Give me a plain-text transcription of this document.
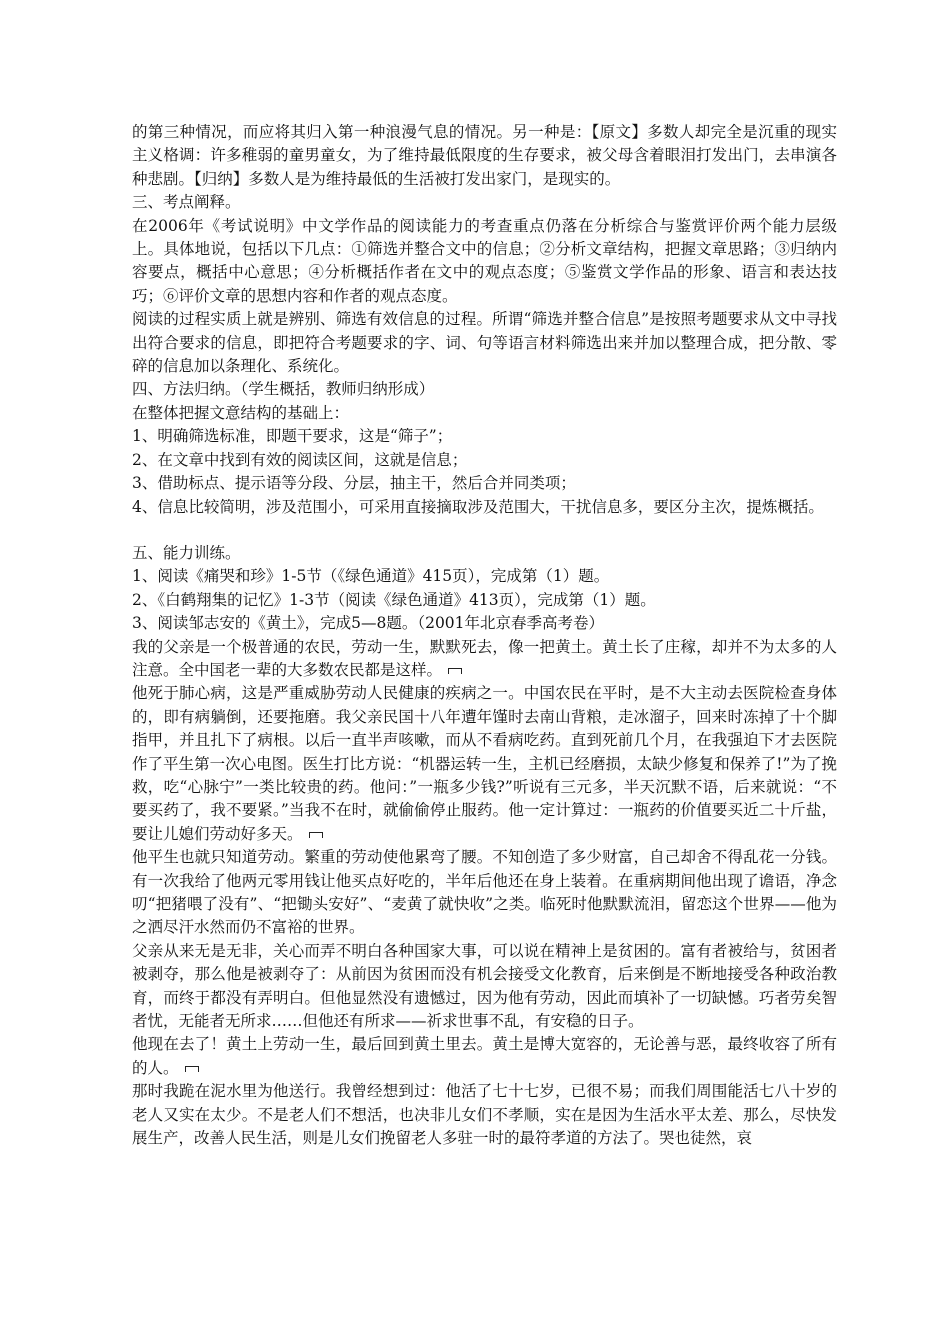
的第三种情况，而应将其归入第一种浪漫气息的情况。另一种是：【原文】多数人却完全是沉重的现实主义格调：许多稚弱的童男童女，为了维持最低限度的生存要求，被父母含着眼泪打发出门，去串演各种悲剧。【归纳】多数人是为维持最低的生活被打发出家门，是现实的。

三、考点阐释。

在2006年《考试说明》中文学作品的阅读能力的考查重点仍落在分析综合与鉴赏评价两个能力层级上。具体地说，包括以下几点：①筛选并整合文中的信息；②分析文章结构，把握文章思路；③归纳内容要点，概括中心意思；④分析概括作者在文中的观点态度；⑤鉴赏文学作品的形象、语言和表达技巧；⑥评价文章的思想内容和作者的观点态度。

阅读的过程实质上就是辨别、筛选有效信息的过程。所谓“筛选并整合信息”是按照考题要求从文中寻找出符合要求的信息，即把符合考题要求的字、词、句等语言材料筛选出来并加以整理合成，把分散、零碎的信息加以条理化、系统化。

四、方法归纳。（学生概括，教师归纳形成）

在整体把握文意结构的基础上：

1、明确筛选标准，即题干要求，这是“筛子”；

2、在文章中找到有效的阅读区间，这就是信息；

3、借助标点、提示语等分段、分层，抽主干，然后合并同类项；

4、信息比较简明，涉及范围小，可采用直接摘取涉及范围大，干扰信息多，要区分主次，提炼概括。

五、能力训练。

1、阅读《痛哭和珍》1-5节（《绿色通道》415页），完成第（1）题。

2、《白鹤翔集的记忆》1-3节（阅读《绿色通道》413页），完成第（1）题。

3、阅读邹志安的《黄土》，完成5—8题。（2001年北京春季高考卷）

我的父亲是一个极普通的农民，劳动一生，默默死去，像一把黄土。黄土长了庄稼，却并不为太多的人注意。全中国老一辈的大多数农民都是这样。

他死于肺心病，这是严重威胁劳动人民健康的疾病之一。中国农民在平时，是不大主动去医院检查身体的，即有病躺倒，还要拖磨。我父亲民国十八年遭年馑时去南山背粮，走冰溜子，回来时冻掉了十个脚指甲，并且扎下了病根。以后一直半声咳嗽，而从不看病吃药。直到死前几个月，在我强迫下才去医院作了平生第一次心电图。医生打比方说：“机器运转一生，主机已经磨损，太缺少修复和保养了!”为了挽救，吃“心脉宁”一类比较贵的药。他问：”一瓶多少钱?”听说有三元多，半天沉默不语，后来就说：“不要买药了，我不要紧。”当我不在时，就偷偷停止服药。他一定计算过：一瓶药的价值要买近二十斤盐，要让儿媳们劳动好多天。

他平生也就只知道劳动。繁重的劳动使他累弯了腰。不知创造了多少财富，自己却舍不得乱花一分钱。有一次我给了他两元零用钱让他买点好吃的，半年后他还在身上装着。在重病期间他出现了谵语，净念叨“把猪喂了没有”、“把锄头安好”、“麦黄了就快收”之类。临死时他默默流泪，留恋这个世界——他为之洒尽汗水然而仍不富裕的世界。

父亲从来无是无非，关心而弄不明白各种国家大事，可以说在精神上是贫困的。富有者被给与，贫困者被剥夺，那么他是被剥夺了：从前因为贫困而没有机会接受文化教育，后来倒是不断地接受各种政治教育，而终于都没有弄明白。但他显然没有遗憾过，因为他有劳动，因此而填补了一切缺憾。巧者劳矣智者忧，无能者无所求……但他还有所求——祈求世事不乱，有安稳的日子。

他现在去了！黄土上劳动一生，最后回到黄土里去。黄土是博大宽容的，无论善与恶，最终收容了所有的人。

那时我跪在泥水里为他送行。我曾经想到过：他活了七十七岁，已很不易；而我们周围能活七八十岁的老人又实在太少。不是老人们不想活，也决非儿女们不孝顺，实在是因为生活水平太差、那么，尽快发展生产，改善人民生活，则是儿女们挽留老人多驻一时的最符孝道的方法了。哭也徒然，哀
